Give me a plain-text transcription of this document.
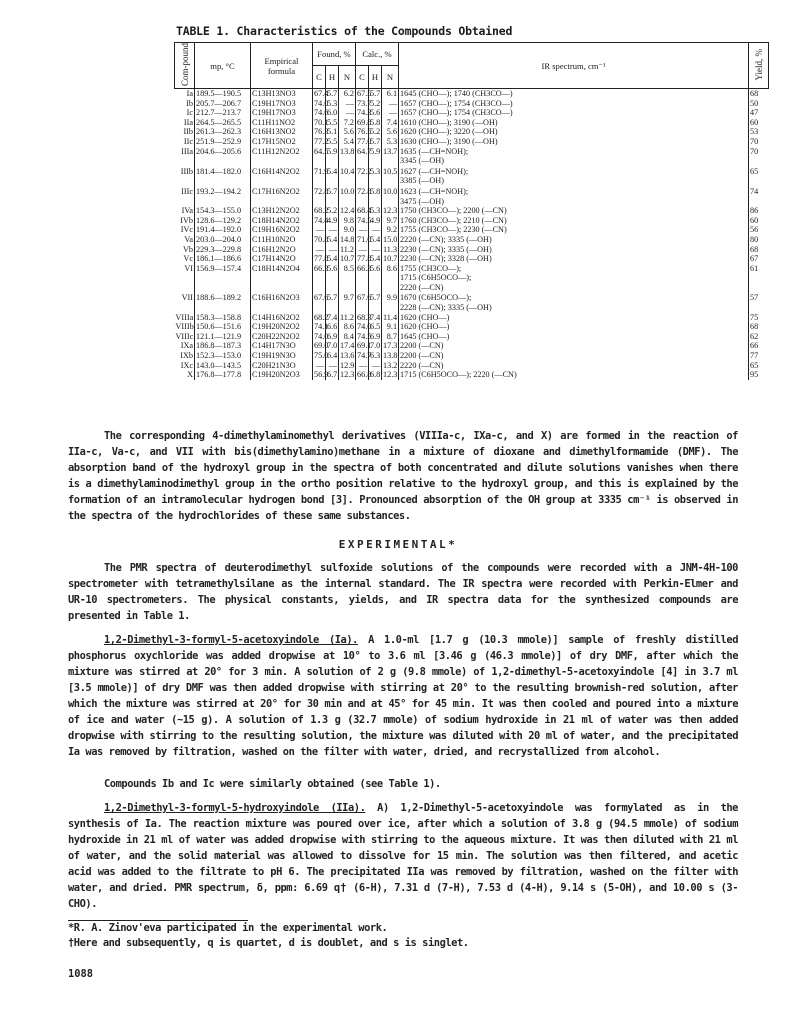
TABLE 1. Characteristics of the Compounds Obtained
Com-pound	mp, °C	Empirical formula	Found, %			Calc., %			IR spectrum, cm⁻¹	Yield, %
			C	H	N	C	H	N		
Ia	189.5—190.5	C13H13NO3	67.4	5.7	6.2	67.5	5.7	6.1	1645 (CHO—); 1740 (CH3CO—)	68
Ib	205.7—206.7	C19H17NO3	74.0	5.3	—	73.7	5.2	—	1657 (CHO—); 1754 (CH3CO—)	50
Ic	212.7—213.7	C19H17NO3	74.6	6.0	—	74.3	5.6	—	1657 (CHO—); 1754 (CH3CO—)	47
IIa	264.5—265.5	C11H11NO2	70.1	5.5	7.2	69.8	5.8	7.4	1610 (CHO—); 3190 (—OH)	60
IIb	261.3—262.3	C16H13NO2	76.3	5.1	5.6	76.5	5.2	5.6	1620 (CHO—); 3220 (—OH)	53
IIc	251.9—252.9	C17H15NO2	77.2	5.5	5.4	77.0	5.7	5.3	1630 (CHO—); 3190 (—OH)	70
IIIa	204.6—205.6	C11H12N2O2	64.5	5.9	13.8	64.7	5.9	13.7	1635 (—CH=NOH);
3345 (—OH)	70
IIIb	181.4—182.0	C16H14N2O2	71.9	5.4	10.4	72.2	5.3	10.5	1627 (—CH=NOH);
3385 (—OH)	65
IIIc	193.2—194.2	C17H16N2O2	72.8	5.7	10.0	72.8	5.8	10.0	1623 (—CH=NOH);
3475 (—OH)	74
IVa	154.3—155.0	C13H12N2O2	68.2	5.2	12.4	68.4	5.3	12.3	1750 (CH3CO—); 2200 (—CN)	86
IVb	128.6—129.2	C18H14N2O2	74.4	4.9	9.8	74.5	4.9	9.7	1760 (CH3CO—); 2210 (—CN)	60
IVc	191.4—192.0	C19H16N2O2	—	—	9.0	—	—	9.2	1755 (CH3CO—); 2230 (—CN)	56
Va	203.0—204.0	C11H10N2O	70.8	5.4	14.8	71.0	5.4	15.0	2220 (—CN); 3335 (—OH)	80
Vb	229.3—229.8	C16H12N2O	—	—	11.2	—	—	11.3	2230 (—CN); 3335 (—OH)	68
Vc	186.1—186.6	C17H14N2O	77.8	5.4	10.7	77.8	5.4	10.7	2230 (—CN); 3328 (—OH)	67
VI	156.9—157.4	C18H14N2O4	66.3	5.6	8.5	66.3	5.6	8.6	1755 (CH3CO—);
1715 (C6H5OCO—);
2220 (—CN)	61
VII	188.6—189.2	C16H16N2O3	67.6	5.7	9.7	67.6	5.7	9.9	1670 (C6H5OCO—);
2228 (—CN); 3335 (—OH)	57
VIIIa	158.3—158.8	C14H16N2O2	68.2	7.4	11.2	68.3	7.4	11.4	1620 (CHO—)	75
VIIIb	150.6—151.6	C19H20N2O2	74.1	6.6	8.6	74.0	6.5	9.1	1620 (CHO—)	68
VIIIc	121.1—121.9	C20H22N2O2	74.0	6.9	8.4	74.5	6.9	8.7	1645 (CHO—)	62
IXa	186.8—187.3	C14H17N3O	69.0	7.0	17.4	69.1	7.0	17.3	2200 (—CN)	66
IXb	152.3—153.0	C19H19N3O	75.0	6.4	13.6	74.7	6.3	13.8	2200 (—CN)	77
IXc	143.0—143.5	C20H21N3O	—	—	12.9	—	—	13.2	2220 (—CN)	65
X	176.8—177.8	C19H20N2O3	56.9	6.7	12.3	66.8	6.8	12.3	1715 (C6H5OCO—); 2220 (—CN)	95
The corresponding 4-dimethylaminomethyl derivatives (VIIIa-c, IXa-c, and X) are formed in the reaction of IIa-c, Va-c, and VII with bis(dimethylamino)methane in a mixture of dioxane and dimethylformamide (DMF). The absorption band of the hydroxyl group in the spectra of both concentrated and dilute solutions vanishes when there is a dimethylaminodimethyl group in the ortho position relative to the hydroxyl group, and this is explained by the formation of an intramolecular hydrogen bond [3]. Pronounced absorption of the OH group at 3335 cm⁻¹ is observed in the spectra of the hydrochlorides of these same substances.
EXPERIMENTAL*
The PMR spectra of deuterodimethyl sulfoxide solutions of the compounds were recorded with a JNM-4H-100 spectrometer with tetramethylsilane as the internal standard. The IR spectra were recorded with Perkin-Elmer and UR-10 spectrometers. The physical constants, yields, and IR spectra data for the synthesized compounds are presented in Table 1.
1,2-Dimethyl-3-formyl-5-acetoxyindole (Ia). A 1.0-ml [1.7 g (10.3 mmole)] sample of freshly distilled phosphorus oxychloride was added dropwise at 10° to 3.6 ml [3.46 g (46.3 mmole)] of dry DMF, after which the mixture was stirred at 20° for 3 min. A solution of 2 g (9.8 mmole) of 1,2-dimethyl-5-acetoxyindole [4] in 3.7 ml [3.5 mmole)] of dry DMF was then added dropwise with stirring at 20° to the resulting brownish-red solution, after which the mixture was stirred at 20° for 30 min and at 45° for 45 min. It was then cooled and poured into a mixture of ice and water (~15 g). A solution of 1.3 g (32.7 mmole) of sodium hydroxide in 21 ml of water was then added dropwise with stirring to the resulting solution, the mixture was diluted with 20 ml of water, and the precipitated Ia was removed by filtration, washed on the filter with water, dried, and recrystallized from alcohol.
Compounds Ib and Ic were similarly obtained (see Table 1).
1,2-Dimethyl-3-formyl-5-hydroxyindole (IIa). A) 1,2-Dimethyl-5-acetoxyindole was formylated as in the synthesis of Ia. The reaction mixture was poured over ice, after which a solution of 3.8 g (94.5 mmole) of sodium hydroxide in 21 ml of water was added dropwise with stirring to the aqueous mixture. It was then diluted with 21 ml of water, and the solid material was allowed to dissolve for 15 min. The solution was then filtered, and acetic acid was added to the filtrate to pH 6. The precipitated IIa was removed by filtration, washed on the filter with water, and dried. PMR spectrum, δ, ppm: 6.69 q† (6-H), 7.31 d (7-H), 7.53 d (4-H), 9.14 s (5-OH), and 10.00 s (3-CHO).
*R. A. Zinov'eva participated in the experimental work.
†Here and subsequently, q is quartet, d is doublet, and s is singlet.
1088
